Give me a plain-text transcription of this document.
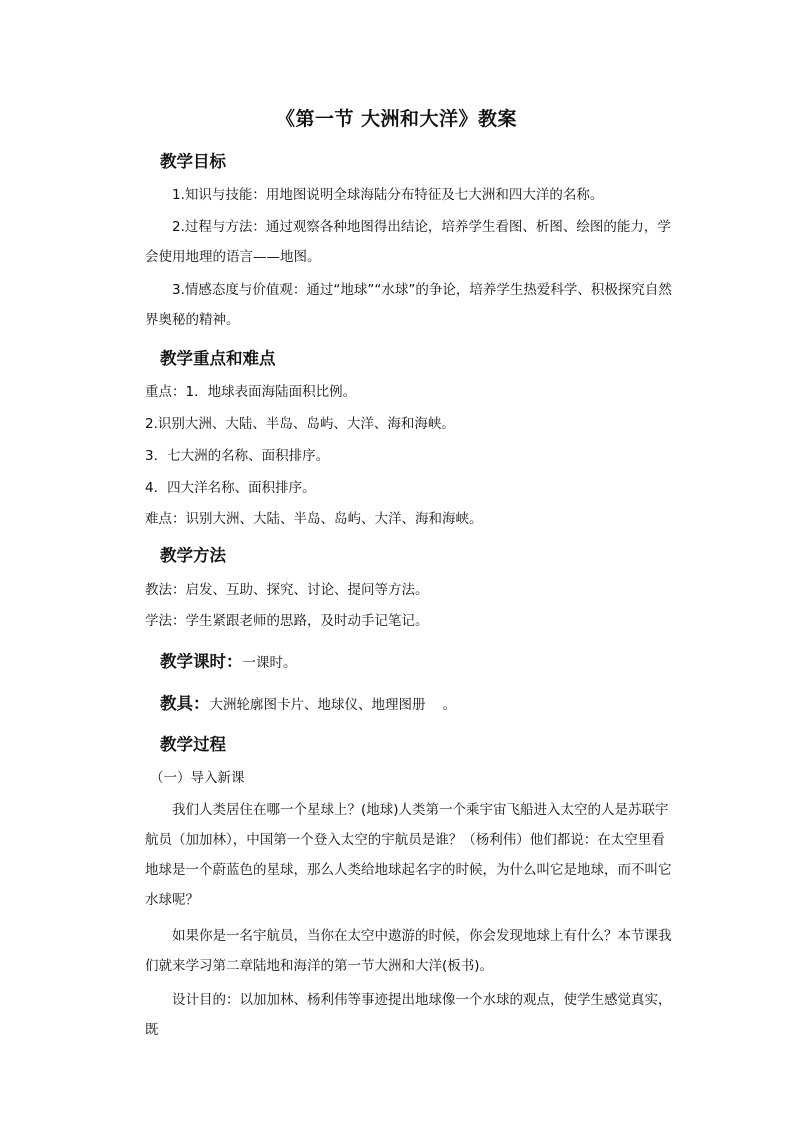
《第一节 大洲和大洋》教案
教学目标
1.知识与技能：用地图说明全球海陆分布特征及七大洲和四大洋的名称。
2.过程与方法：通过观察各种地图得出结论，培养学生看图、析图、绘图的能力，学会使用地理的语言——地图。
3.情感态度与价值观：通过“地球”“水球”的争论，培养学生热爱科学、积极探究自然界奥秘的精神。
教学重点和难点
重点：1．地球表面海陆面积比例。
2.识别大洲、大陆、半岛、岛屿、大洋、海和海峡。
3．七大洲的名称、面积排序。
4．四大洋名称、面积排序。
难点：识别大洲、大陆、半岛、岛屿、大洋、海和海峡。
教学方法
教法：启发、互助、探究、讨论、提问等方法。
学法：学生紧跟老师的思路，及时动手记笔记。
教学课时：一课时。
教具：大洲轮廓图卡片、地球仪、地理图册    。
教学过程
（一）导入新课
我们人类居住在哪一个星球上？(地球)人类第一个乘宇宙飞船进入太空的人是苏联宇航员（加加林），中国第一个登入太空的宇航员是谁？（杨利伟）他们都说：在太空里看地球是一个蔚蓝色的星球，那么人类给地球起名字的时候，为什么叫它是地球，而不叫它水球呢？
如果你是一名宇航员，当你在太空中遨游的时候，你会发现地球上有什么？本节课我们就来学习第二章陆地和海洋的第一节大洲和大洋(板书)。
设计目的：以加加林、杨利伟等事迹提出地球像一个水球的观点，使学生感觉真实，既
